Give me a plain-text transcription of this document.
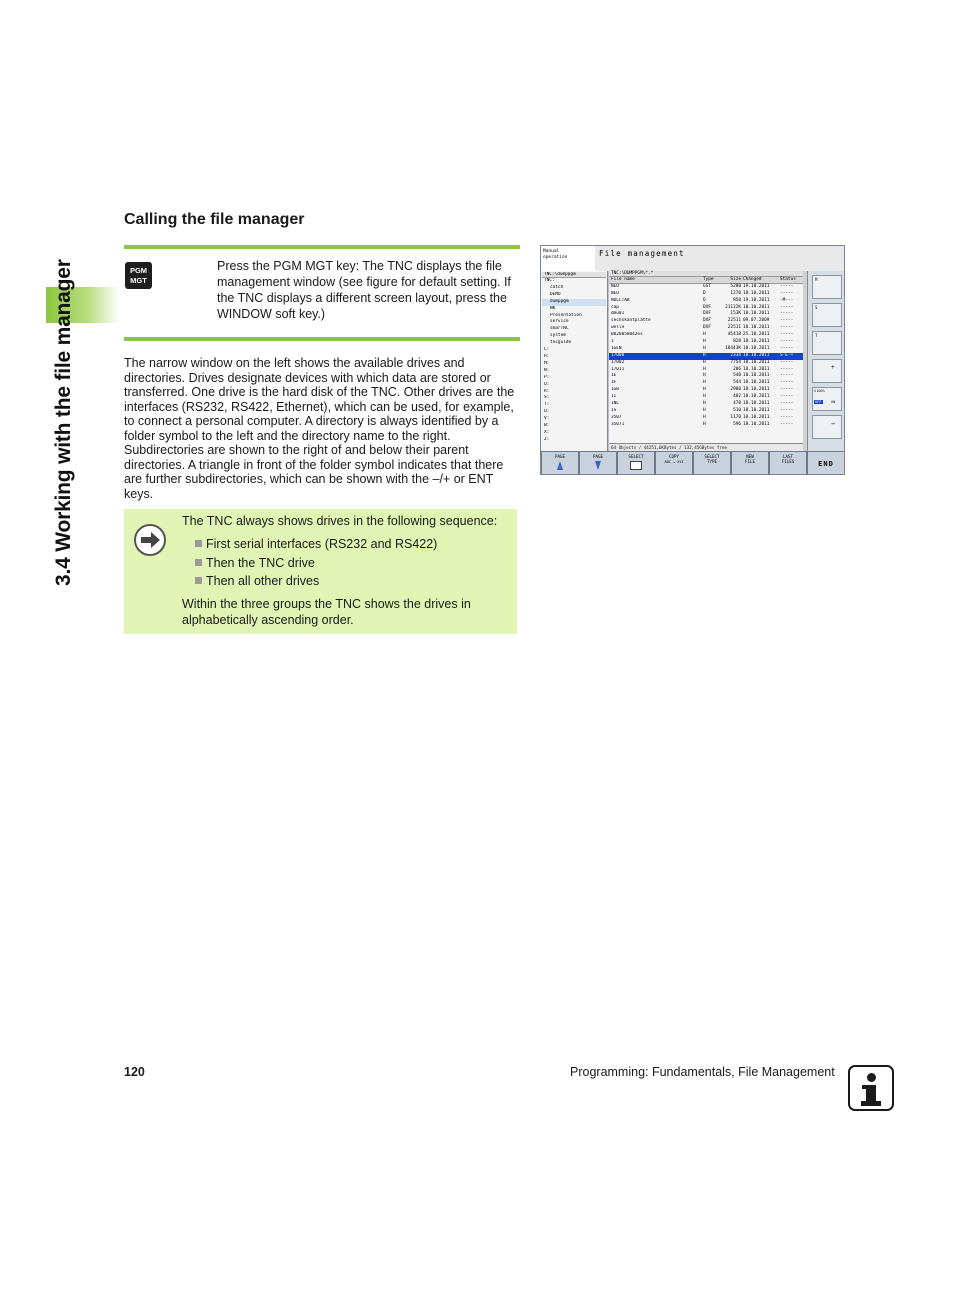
3.4 Working with the file manager
Calling the file manager
PGM
MGT
Press the PGM MGT key: The TNC displays the file management window (see figure for default setting. If the TNC displays a different screen layout, press the WINDOW soft key.)
The narrow window on the left shows the available drives and directories. Drives designate devices with which data are stored or transferred. One drive is the hard disk of the TNC. Other drives are the interfaces (RS232, RS422, Ethernet), which can be used, for example, to connect a personal computer. A directory is always identified by a folder symbol to the left and the directory name to the right. Subdirectories are shown to the right of and below their parent directories. A triangle in front of the folder symbol indicates that there are further subdirectories, which can be shown with the –/+ or ENT keys.
The TNC always shows drives in the following sequence:
First serial interfaces (RS232 and RS422)
Then the TNC drive
Then all other drives
Within the three groups the TNC shows the drives in alphabetically ascending order.
Manual
operation	File management
TNC:\dumppgm
TNC:
catch
DEMO
dumppgm
NK
Presentation
service
smarTNC
system
tncguide
C:
H:
M:
N:
P:
Q:
R:
S:
T:
U:
V:
W:
X:
Z:
TNC:\DUMPPGM\*.*
File name	Type	Size Changed	Status
NEU	GST	5280 19.10.2011	-----
NEU	D	1270 18.10.2011	-----
NULLTAB	D	858 19.10.2011	-M---
cap	DXF	21132K 18.10.2011	-----
dmu01	DXF	153K 18.10.2011	-----
sechskantplatte	DXF	22511 09.07.2009	-----
welle	DXF	22511 18.10.2011	-----
0020058042es	H	45418 25.10.2011	-----
1	H	828 18.10.2011	-----
1GEN	H	18443K 18.10.2011	-----
17000	H	2334 18.10.2011	S-E-+
17002	H	7754 18.10.2011	-----
17011	H	206 18.10.2011	-----
1E	H	540 18.10.2011	-----
1F	H	544 18.10.2011	-----
1GB	H	2980 18.10.2011	-----
1I	H	402 18.10.2011	-----
1NL	H	478 18.10.2011	-----
1S	H	510 18.10.2011	-----
3507	H	1170 18.10.2011	-----
35071	H	596 18.10.2011	-----
64 Objects / 44251,6KBytes / 132,45GBytes free
M
S
T
+
S100%
OFF	ON
−
PAGE	PAGE	SELECT	COPY
ABC → XYZ
SELECT
TYPE
NEW
FILE
LAST
FILES	END
120	Programming: Fundamentals, File Management
